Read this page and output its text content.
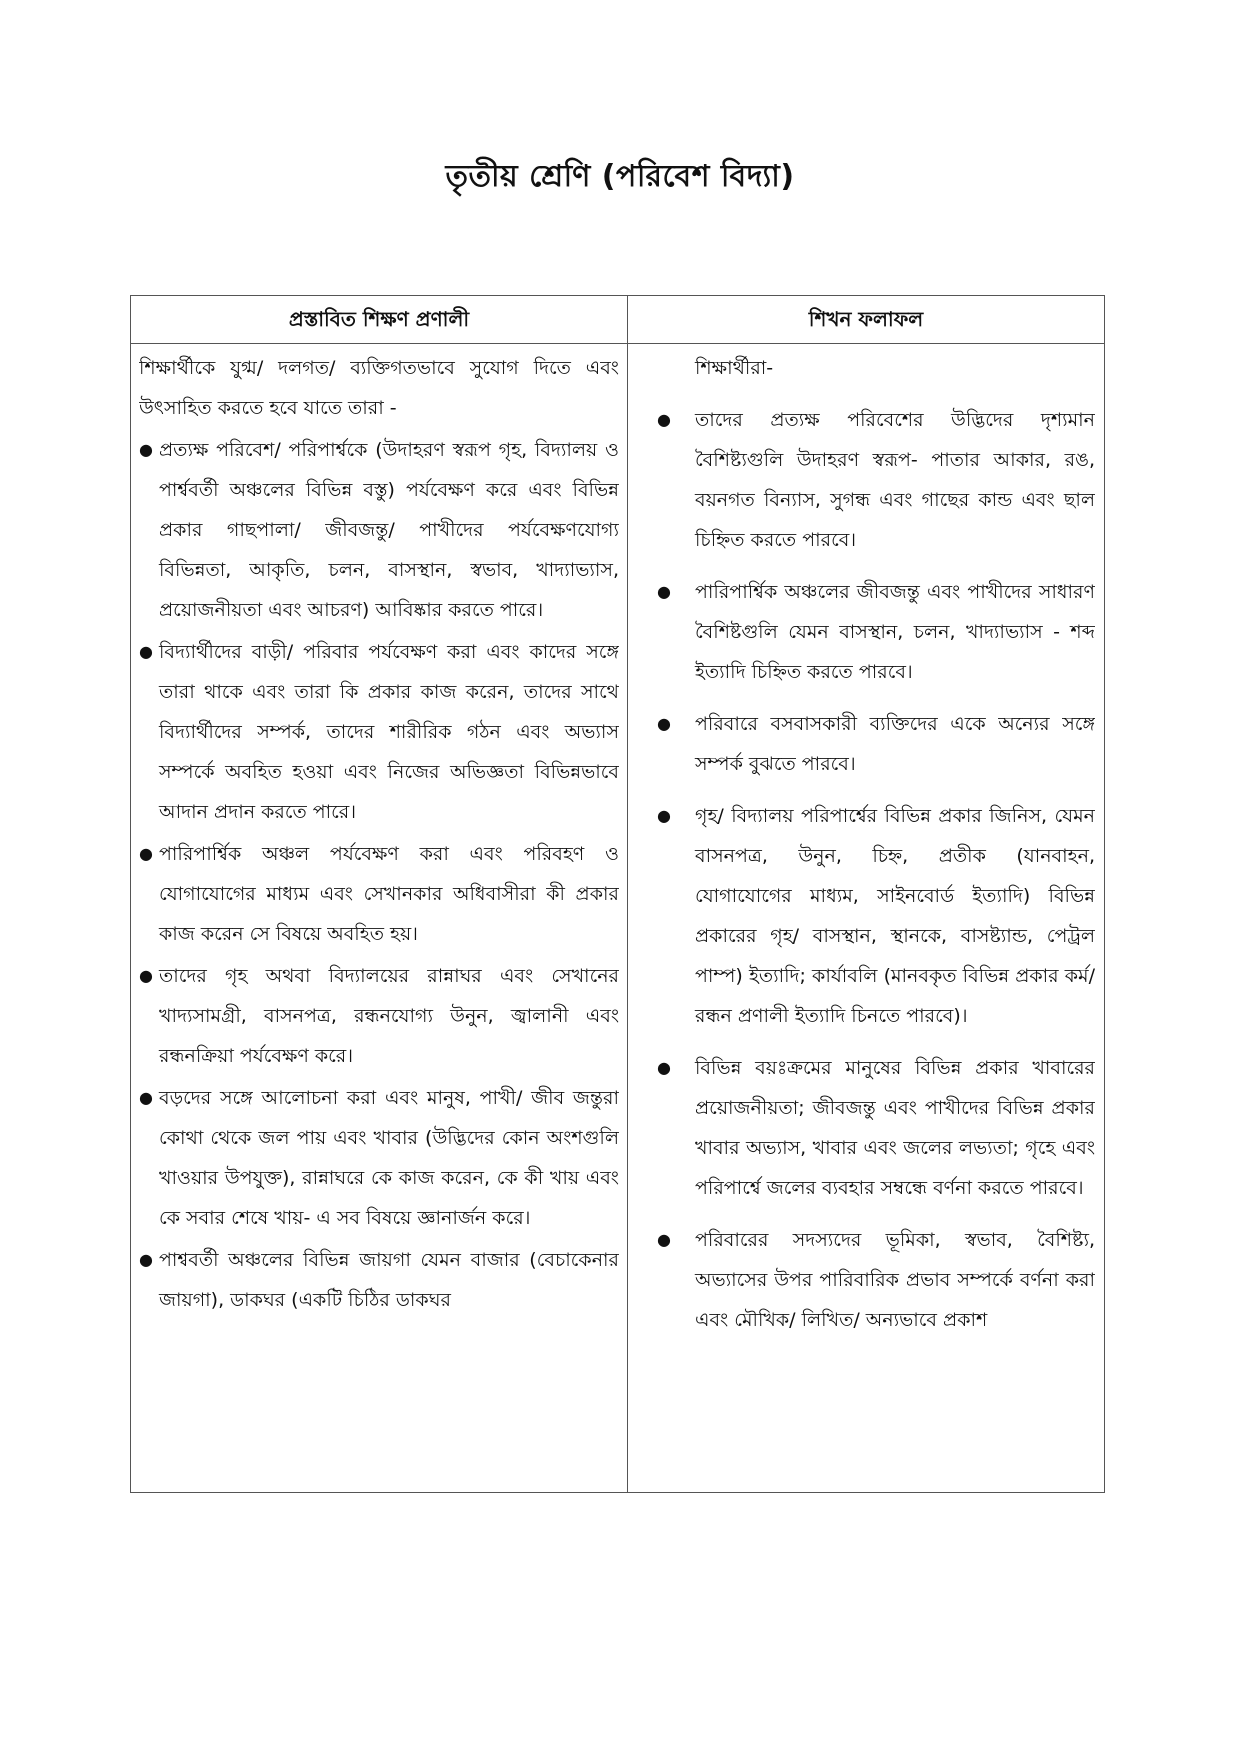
তৃতীয় শ্রেণি (পরিবেশ বিদ্যা)
প্রস্তাবিত শিক্ষণ প্রণালী	শিখন ফলাফল

শিক্ষার্থীকে যুগ্ম/ দলগত/ ব্যক্তিগতভাবে সুযোগ দিতে এবং উৎসাহিত করতে হবে যাতে তারা -

● প্রত্যক্ষ পরিবেশ/ পরিপার্শ্বকে (উদাহরণ স্বরূপ গৃহ, বিদ্যালয় ও পার্শ্ববর্তী অঞ্চলের বিভিন্ন বস্তু) পর্যবেক্ষণ করে এবং বিভিন্ন প্রকার গাছপালা/ জীবজন্তু/ পাখীদের পর্যবেক্ষণযোগ্য বিভিন্নতা, আকৃতি, চলন, বাসস্থান, স্বভাব, খাদ্যাভ্যাস, প্রয়োজনীয়তা এবং আচরণ) আবিষ্কার করতে পারে।
● বিদ্যার্থীদের বাড়ী/ পরিবার পর্যবেক্ষণ করা এবং কাদের সঙ্গে তারা থাকে এবং তারা কি প্রকার কাজ করেন, তাদের সাথে বিদ্যার্থীদের সম্পর্ক, তাদের শারীরিক গঠন এবং অভ্যাস সম্পর্কে অবহিত হওয়া এবং নিজের অভিজ্ঞতা বিভিন্নভাবে আদান প্রদান করতে পারে।
● পারিপার্শ্বিক অঞ্চল পর্যবেক্ষণ করা এবং পরিবহণ ও যোগাযোগের মাধ্যম এবং সেখানকার অধিবাসীরা কী প্রকার কাজ করেন সে বিষয়ে অবহিত হয়।
● তাদের গৃহ অথবা বিদ্যালয়ের রান্নাঘর এবং সেখানের খাদ্যসামগ্রী, বাসনপত্র, রন্ধনযোগ্য উনুন, জ্বালানী এবং রন্ধনক্রিয়া পর্যবেক্ষণ করে।
● বড়দের সঙ্গে আলোচনা করা এবং মানুষ, পাখী/ জীব জন্তুরা কোথা থেকে জল পায় এবং খাবার (উদ্ভিদের কোন অংশগুলি খাওয়ার উপযুক্ত), রান্নাঘরে কে কাজ করেন, কে কী খায় এবং কে সবার শেষে খায়- এ সব বিষয়ে জ্ঞানার্জন করে।
● পাশ্ববর্তী অঞ্চলের বিভিন্ন জায়গা যেমন বাজার (বেচাকেনার জায়গা), ডাকঘর (একটি চিঠির ডাকঘর

শিক্ষার্থীরা-

● তাদের প্রত্যক্ষ পরিবেশের উদ্ভিদের দৃশ্যমান বৈশিষ্ট্যগুলি উদাহরণ স্বরূপ- পাতার আকার, রঙ, বয়নগত বিন্যাস, সুগন্ধ এবং গাছের কান্ড এবং ছাল চিহ্নিত করতে পারবে।
● পারিপার্শ্বিক অঞ্চলের জীবজন্তু এবং পাখীদের সাধারণ বৈশিষ্টগুলি যেমন বাসস্থান, চলন, খাদ্যাভ্যাস - শব্দ ইত্যাদি চিহ্নিত করতে পারবে।
● পরিবারে বসবাসকারী ব্যক্তিদের একে অন্যের সঙ্গে সম্পর্ক বুঝতে পারবে।
● গৃহ/ বিদ্যালয় পরিপার্শ্বের বিভিন্ন প্রকার জিনিস, যেমন বাসনপত্র, উনুন, চিহ্ন, প্রতীক (যানবাহন, যোগাযোগের মাধ্যম, সাইনবোর্ড ইত্যাদি) বিভিন্ন প্রকারের গৃহ/ বাসস্থান, স্থানকে, বাসষ্ট্যান্ড, পেট্রল পাম্প) ইত্যাদি; কার্যাবলি (মানবকৃত বিভিন্ন প্রকার কর্ম/ রন্ধন প্রণালী ইত্যাদি চিনতে পারবে)।
● বিভিন্ন বয়ঃক্রমের মানুষের বিভিন্ন প্রকার খাবারের প্রয়োজনীয়তা; জীবজন্তু এবং পাখীদের বিভিন্ন প্রকার খাবার অভ্যাস, খাবার এবং জলের লভ্যতা; গৃহে এবং পরিপার্শ্বে জলের ব্যবহার সম্বন্ধে বর্ণনা করতে পারবে।
● পরিবারের সদস্যদের ভূমিকা, স্বভাব, বৈশিষ্ট্য, অভ্যাসের উপর পারিবারিক প্রভাব সম্পর্কে বর্ণনা করা এবং মৌখিক/ লিখিত/ অন্যভাবে প্রকাশ
